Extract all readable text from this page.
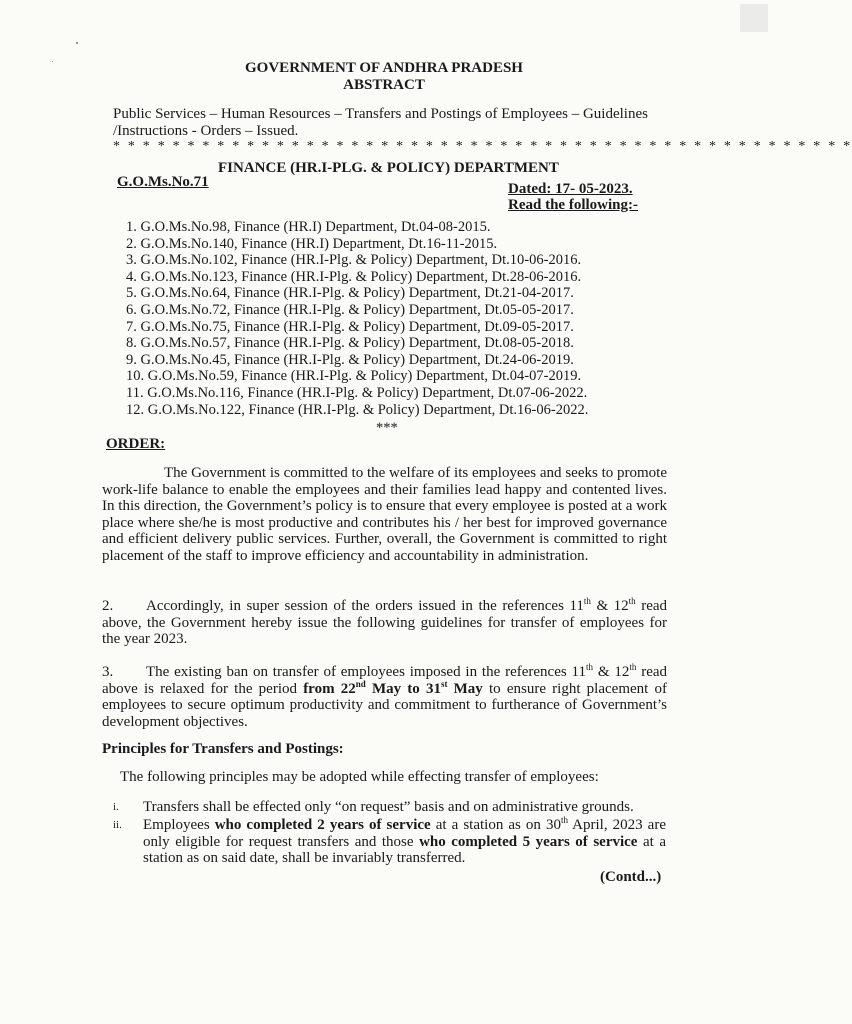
GOVERNMENT OF ANDHRA PRADESH
ABSTRACT
Public Services – Human Resources – Transfers and Postings of Employees – Guidelines /Instructions - Orders – Issued.
* * * * * * * * * * * * * * * * * * * * * * * * * * * * * * * * * * * * * * * * * * * * * * * * * *
FINANCE (HR.I-PLG. & POLICY) DEPARTMENT
G.O.Ms.No.71	Dated: 17- 05-2023.
Read the following:-
1. G.O.Ms.No.98, Finance (HR.I) Department, Dt.04-08-2015.
2. G.O.Ms.No.140, Finance (HR.I) Department, Dt.16-11-2015.
3. G.O.Ms.No.102, Finance (HR.I-Plg. & Policy) Department, Dt.10-06-2016.
4. G.O.Ms.No.123, Finance (HR.I-Plg. & Policy) Department, Dt.28-06-2016.
5. G.O.Ms.No.64, Finance (HR.I-Plg. & Policy) Department, Dt.21-04-2017.
6. G.O.Ms.No.72, Finance (HR.I-Plg. & Policy) Department, Dt.05-05-2017.
7. G.O.Ms.No.75, Finance (HR.I-Plg. & Policy) Department, Dt.09-05-2017.
8. G.O.Ms.No.57, Finance (HR.I-Plg. & Policy) Department, Dt.08-05-2018.
9. G.O.Ms.No.45, Finance (HR.I-Plg. & Policy) Department, Dt.24-06-2019.
10. G.O.Ms.No.59, Finance (HR.I-Plg. & Policy) Department, Dt.04-07-2019.
11. G.O.Ms.No.116, Finance (HR.I-Plg. & Policy) Department, Dt.07-06-2022.
12. G.O.Ms.No.122, Finance (HR.I-Plg. & Policy) Department, Dt.16-06-2022.
***
ORDER:
The Government is committed to the welfare of its employees and seeks to promote work-life balance to enable the employees and their families lead happy and contented lives. In this direction, the Government’s policy is to ensure that every employee is posted at a work place where she/he is most productive and contributes his / her best for improved governance and efficient delivery public services. Further, overall, the Government is committed to right placement of the staff to improve efficiency and accountability in administration.
2. Accordingly, in super session of the orders issued in the references 11th & 12th read above, the Government hereby issue the following guidelines for transfer of employees for the year 2023.
3. The existing ban on transfer of employees imposed in the references 11th & 12th read above is relaxed for the period from 22nd May to 31st May to ensure right placement of employees to secure optimum productivity and commitment to furtherance of Government’s development objectives.
Principles for Transfers and Postings:
The following principles may be adopted while effecting transfer of employees:
i. Transfers shall be effected only “on request” basis and on administrative grounds.
ii. Employees who completed 2 years of service at a station as on 30th April, 2023 are only eligible for request transfers and those who completed 5 years of service at a station as on said date, shall be invariably transferred.
(Contd...)
